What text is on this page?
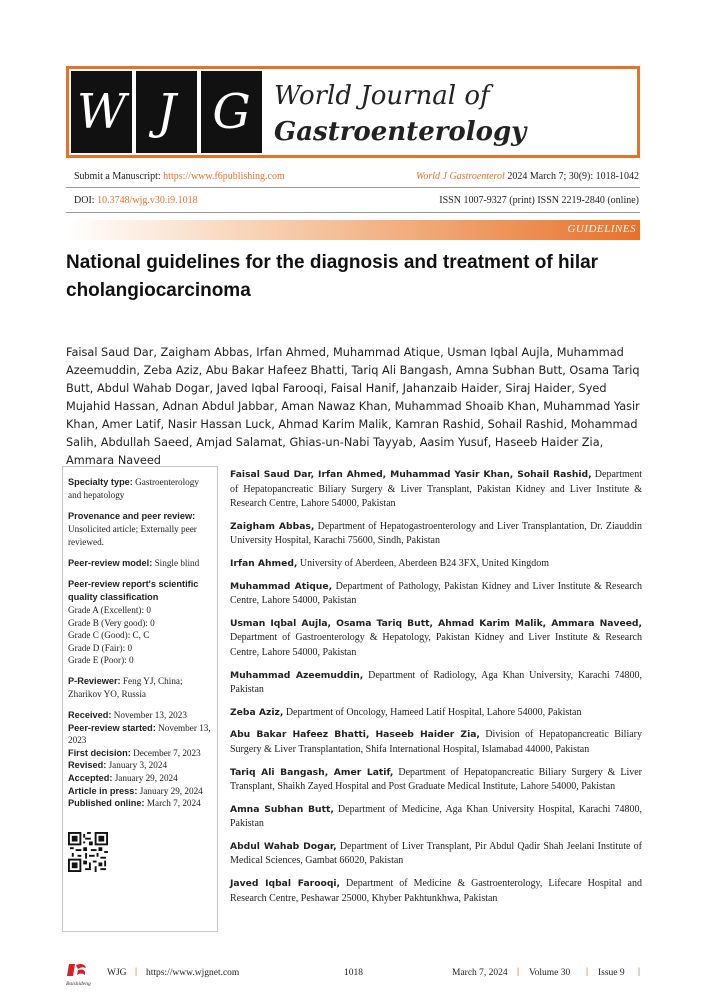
W J G World Journal of
Gastroenterology
Submit a Manuscript: https://www.f6publishing.com	World J Gastroenterol 2024 March 7; 30(9): 1018-1042
DOI: 10.3748/wjg.v30.i9.1018	ISSN 1007-9327 (print) ISSN 2219-2840 (online)
GUIDELINES
National guidelines for the diagnosis and treatment of hilar cholangiocarcinoma
Faisal Saud Dar, Zaigham Abbas, Irfan Ahmed, Muhammad Atique, Usman Iqbal Aujla, Muhammad Azeemuddin, Zeba Aziz, Abu Bakar Hafeez Bhatti, Tariq Ali Bangash, Amna Subhan Butt, Osama Tariq Butt, Abdul Wahab Dogar, Javed Iqbal Farooqi, Faisal Hanif, Jahanzaib Haider, Siraj Haider, Syed Mujahid Hassan, Adnan Abdul Jabbar, Aman Nawaz Khan, Muhammad Shoaib Khan, Muhammad Yasir Khan, Amer Latif, Nasir Hassan Luck, Ahmad Karim Malik, Kamran Rashid, Sohail Rashid, Mohammad Salih, Abdullah Saeed, Amjad Salamat, Ghias-un-Nabi Tayyab, Aasim Yusuf, Haseeb Haider Zia, Ammara Naveed
Specialty type: Gastroenterology and hepatology
Provenance and peer review:
Unsolicited article; Externally peer reviewed.
Peer-review model: Single blind
Peer-review report's scientific quality classification
Grade A (Excellent): 0
Grade B (Very good): 0
Grade C (Good): C, C
Grade D (Fair): 0
Grade E (Poor): 0
P-Reviewer: Feng YJ, China; Zharikov YO, Russia
Received: November 13, 2023
Peer-review started: November 13, 2023
First decision: December 7, 2023
Revised: January 3, 2024
Accepted: January 29, 2024
Article in press: January 29, 2024
Published online: March 7, 2024
Faisal Saud Dar, Irfan Ahmed, Muhammad Yasir Khan, Sohail Rashid, Department of Hepatopancreatic Biliary Surgery & Liver Transplant, Pakistan Kidney and Liver Institute & Research Centre, Lahore 54000, Pakistan
Zaigham Abbas, Department of Hepatogastroenterology and Liver Transplantation, Dr. Ziauddin University Hospital, Karachi 75600, Sindh, Pakistan
Irfan Ahmed, University of Aberdeen, Aberdeen B24 3FX, United Kingdom
Muhammad Atique, Department of Pathology, Pakistan Kidney and Liver Institute & Research Centre, Lahore 54000, Pakistan
Usman Iqbal Aujla, Osama Tariq Butt, Ahmad Karim Malik, Ammara Naveed, Department of Gastroenterology & Hepatology, Pakistan Kidney and Liver Institute & Research Centre, Lahore 54000, Pakistan
Muhammad Azeemuddin, Department of Radiology, Aga Khan University, Karachi 74800, Pakistan
Zeba Aziz, Department of Oncology, Hameed Latif Hospital, Lahore 54000, Pakistan
Abu Bakar Hafeez Bhatti, Haseeb Haider Zia, Division of Hepatopancreatic Biliary Surgery & Liver Transplantation, Shifa International Hospital, Islamabad 44000, Pakistan
Tariq Ali Bangash, Amer Latif, Department of Hepatopancreatic Biliary Surgery & Liver Transplant, Shaikh Zayed Hospital and Post Graduate Medical Institute, Lahore 54000, Pakistan
Amna Subhan Butt, Department of Medicine, Aga Khan University Hospital, Karachi 74800, Pakistan
Abdul Wahab Dogar, Department of Liver Transplant, Pir Abdul Qadir Shah Jeelani Institute of Medical Sciences, Gambat 66020, Pakistan
Javed Iqbal Farooqi, Department of Medicine & Gastroenterology, Lifecare Hospital and Research Centre, Peshawar 25000, Khyber Pakhtunkhwa, Pakistan
Baishideng
WJG | https://www.wjgnet.com	1018	March 7, 2024 | Volume 30 | Issue 9 |
